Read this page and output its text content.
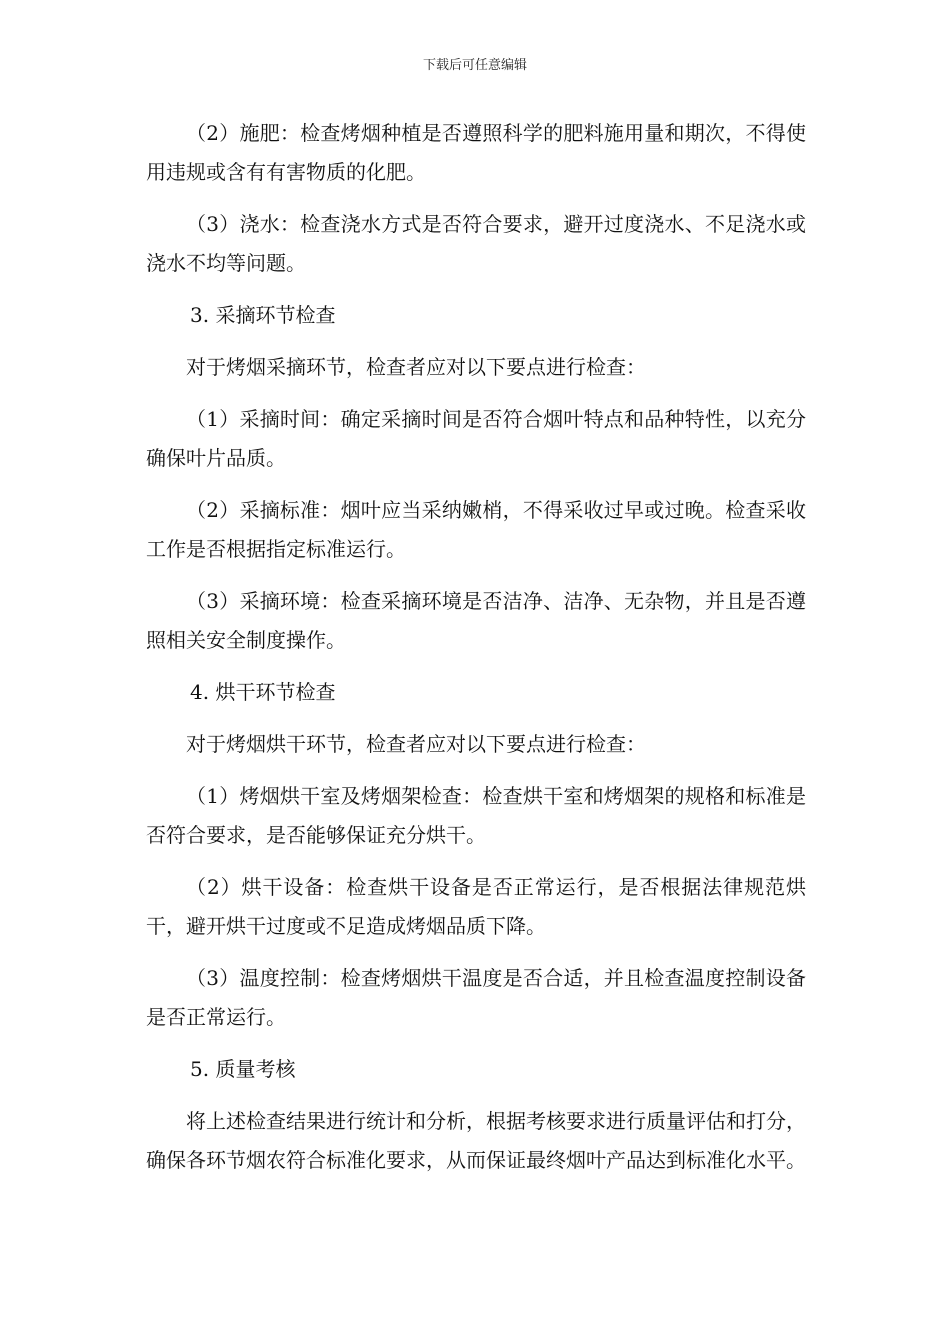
下载后可任意编辑

（2）施肥：检查烤烟种植是否遵照科学的肥料施用量和期次，不得使用违规或含有有害物质的化肥。

（3）浇水：检查浇水方式是否符合要求，避开过度浇水、不足浇水或浇水不均等问题。

3. 采摘环节检查

对于烤烟采摘环节，检查者应对以下要点进行检查：

（1）采摘时间：确定采摘时间是否符合烟叶特点和品种特性，以充分确保叶片品质。

（2）采摘标准：烟叶应当采纳嫩梢，不得采收过早或过晚。检查采收工作是否根据指定标准运行。

（3）采摘环境：检查采摘环境是否洁净、洁净、无杂物，并且是否遵照相关安全制度操作。

4. 烘干环节检查

对于烤烟烘干环节，检查者应对以下要点进行检查：

（1）烤烟烘干室及烤烟架检查：检查烘干室和烤烟架的规格和标准是否符合要求，是否能够保证充分烘干。

（2）烘干设备：检查烘干设备是否正常运行，是否根据法律规范烘干，避开烘干过度或不足造成烤烟品质下降。

（3）温度控制：检查烤烟烘干温度是否合适，并且检查温度控制设备是否正常运行。

5. 质量考核

将上述检查结果进行统计和分析，根据考核要求进行质量评估和打分，确保各环节烟农符合标准化要求，从而保证最终烟叶产品达到标准化水平。
